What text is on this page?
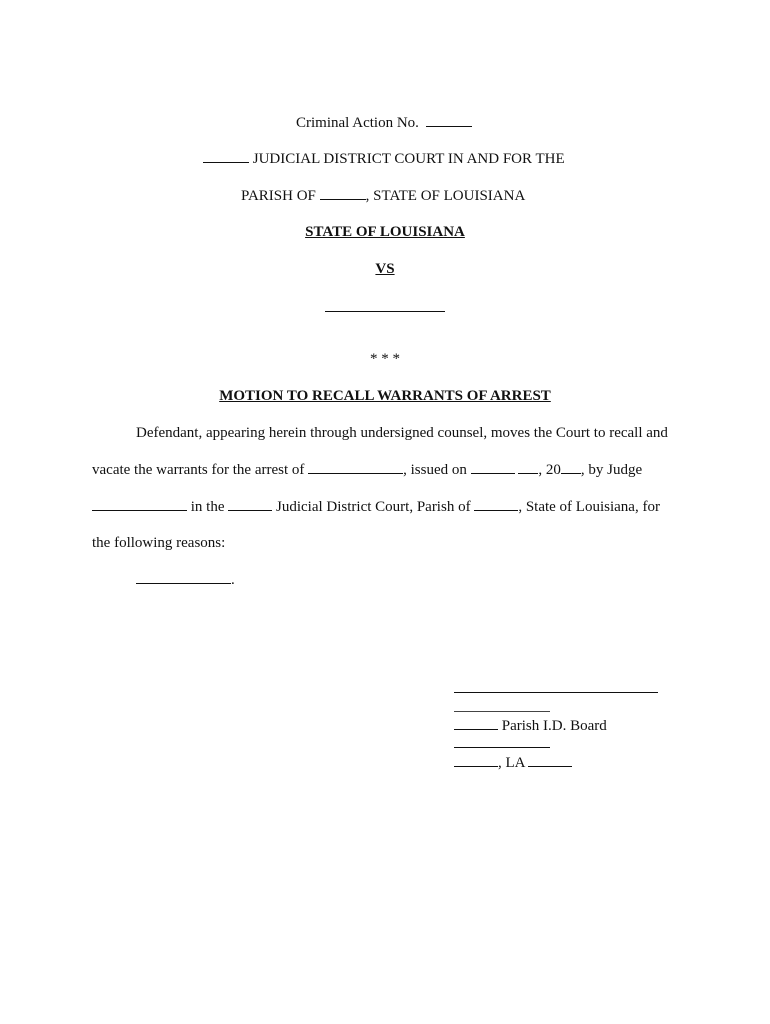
Criminal Action No.
JUDICIAL DISTRICT COURT IN AND FOR THE
PARISH OF	, STATE OF LOUISIANA
STATE OF LOUISIANA
VS
* * *
MOTION TO RECALL WARRANTS OF ARREST
Defendant, appearing herein through undersigned counsel, moves the Court to recall and
vacate the warrants for the arrest of	, issued on	, 20 , by Judge
in the	Judicial District Court, Parish of	, State of Louisiana, for
the following reasons:
.
Parish I.D. Board
, LA
